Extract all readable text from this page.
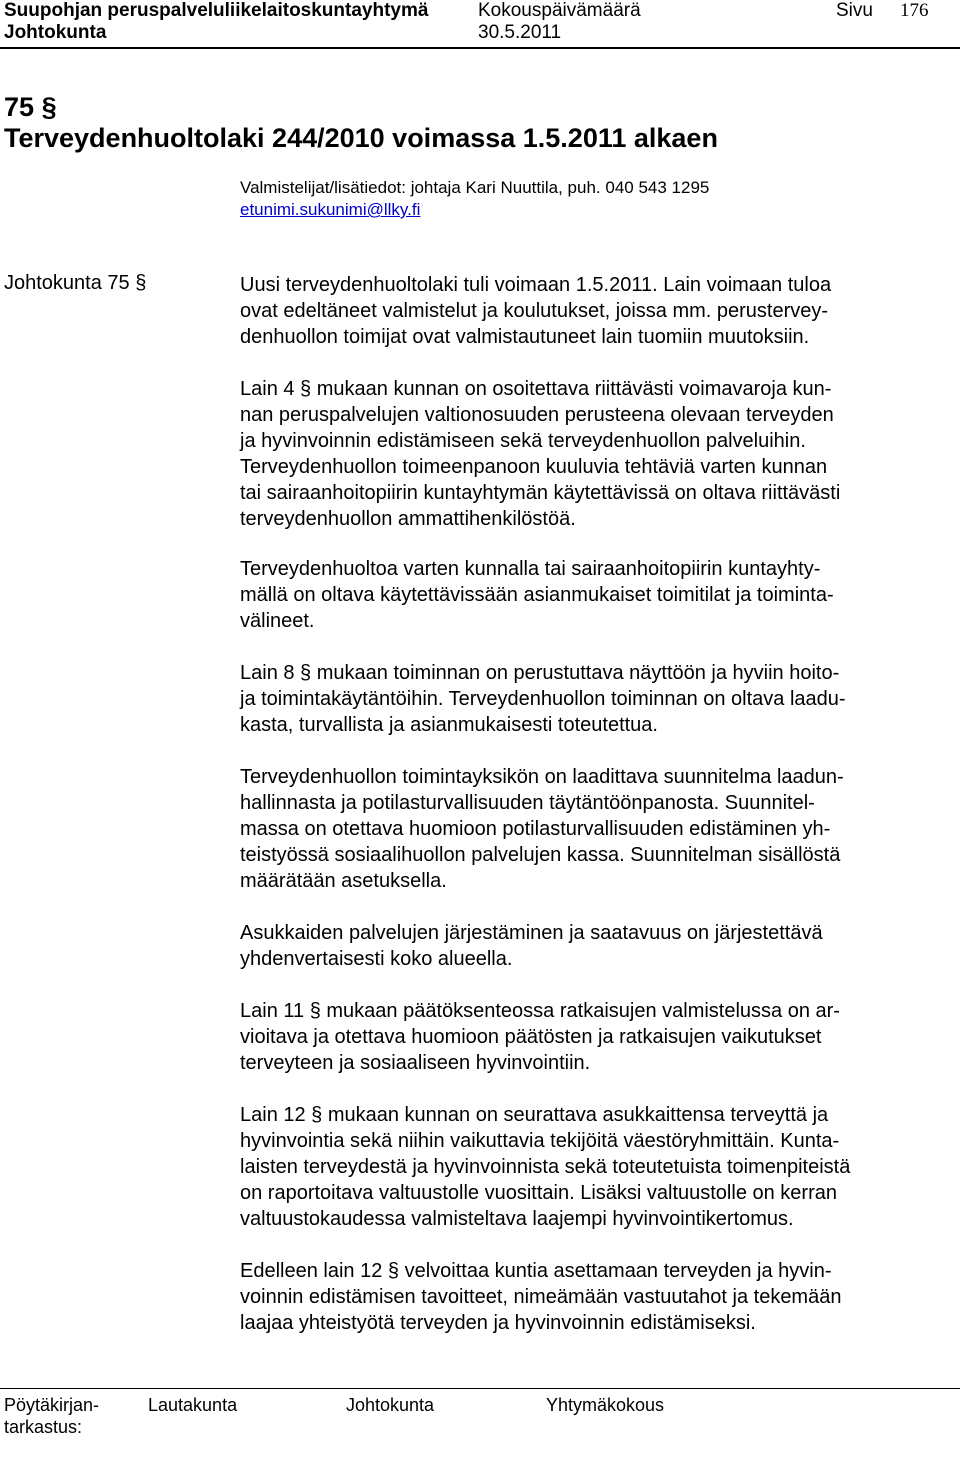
Suupohjan peruspalveluliikelaitoskuntayhtymä	Kokouspäivämäärä	Sivu 176
Johtokunta	30.5.2011
75 §
Terveydenhuoltolaki 244/2010 voimassa 1.5.2011 alkaen
Valmistelijat/lisätiedot: johtaja Kari Nuuttila, puh. 040 543 1295
etunimi.sukunimi@llky.fi
Johtokunta 75 §	Uusi terveydenhuoltolaki tuli voimaan 1.5.2011. Lain voimaan tuloa
ovat edeltäneet valmistelut ja koulutukset, joissa mm. perustervey-
denhuollon toimijat ovat valmistautuneet lain tuomiin muutoksiin.
Lain 4 § mukaan kunnan on osoitettava riittävästi voimavaroja kun-
nan peruspalvelujen valtionosuuden perusteena olevaan terveyden
ja hyvinvoinnin edistämiseen sekä terveydenhuollon palveluihin.
Terveydenhuollon toimeenpanoon kuuluvia tehtäviä varten kunnan
tai sairaanhoitopiirin kuntayhtymän käytettävissä on oltava riittävästi
terveydenhuollon ammattihenkilöstöä.
Terveydenhuoltoa varten kunnalla tai sairaanhoitopiirin kuntayhty-
mällä on oltava käytettävissään asianmukaiset toimitilat ja toiminta-
välineet.
Lain 8 § mukaan toiminnan on perustuttava näyttöön ja hyviin hoito-
ja toimintakäytäntöihin. Terveydenhuollon toiminnan on oltava laadu-
kasta, turvallista ja asianmukaisesti toteutettua.
Terveydenhuollon toimintayksikön on laadittava suunnitelma laadun-
hallinnasta ja potilasturvallisuuden täytäntöönpanosta. Suunnitel-
massa on otettava huomioon potilasturvallisuuden edistäminen yh-
teistyössä sosiaalihuollon palvelujen kassa. Suunnitelman sisällöstä
määrätään asetuksella.
Asukkaiden palvelujen järjestäminen ja saatavuus on järjestettävä
yhdenvertaisesti koko alueella.
Lain 11 § mukaan päätöksenteossa ratkaisujen valmistelussa on ar-
vioitava ja otettava huomioon päätösten ja ratkaisujen vaikutukset
terveyteen ja sosiaaliseen hyvinvointiin.
Lain 12 § mukaan kunnan on seurattava asukkaittensa terveyttä ja
hyvinvointia sekä niihin vaikuttavia tekijöitä väestöryhmittäin. Kunta-
laisten terveydestä ja hyvinvoinnista sekä toteutetuista toimenpiteistä
on raportoitava valtuustolle vuosittain. Lisäksi valtuustolle on kerran
valtuustokaudessa valmisteltava laajempi hyvinvointikertomus.
Edelleen lain 12 § velvoittaa kuntia asettamaan terveyden ja hyvin-
voinnin edistämisen tavoitteet, nimeämään vastuutahot ja tekemään
laajaa yhteistyötä terveyden ja hyvinvoinnin edistämiseksi.
Pöytäkirjan-
tarkastus:
Lautakunta	Johtokunta	Yhtymäkokous
